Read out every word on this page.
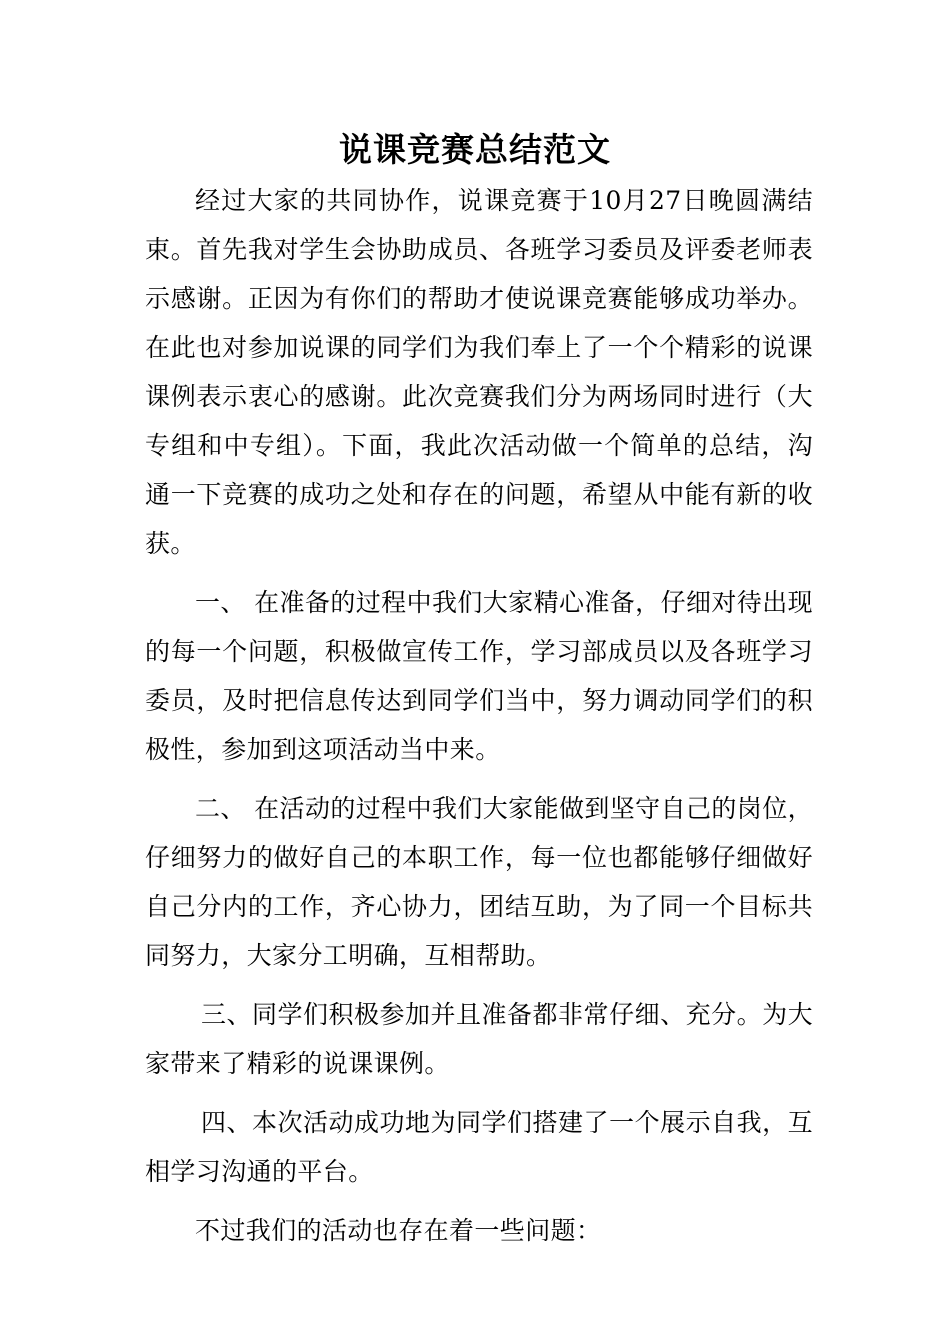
说课竞赛总结范文

经过大家的共同协作，说课竞赛于10月27日晚圆满结束。首先我对学生会协助成员、各班学习委员及评委老师表示感谢。正因为有你们的帮助才使说课竞赛能够成功举办。在此也对参加说课的同学们为我们奉上了一个个精彩的说课课例表示衷心的感谢。此次竞赛我们分为两场同时进行（大专组和中专组）。下面，我此次活动做一个简单的总结，沟通一下竞赛的成功之处和存在的问题，希望从中能有新的收获。

一、 在准备的过程中我们大家精心准备，仔细对待出现的每一个问题，积极做宣传工作，学习部成员以及各班学习委员，及时把信息传达到同学们当中，努力调动同学们的积极性，参加到这项活动当中来。

二、 在活动的过程中我们大家能做到坚守自己的岗位，仔细努力的做好自己的本职工作，每一位也都能够仔细做好自己分内的工作，齐心协力，团结互助，为了同一个目标共同努力，大家分工明确，互相帮助。

三、同学们积极参加并且准备都非常仔细、充分。为大家带来了精彩的说课课例。

四、本次活动成功地为同学们搭建了一个展示自我，互相学习沟通的平台。

不过我们的活动也存在着一些问题：
